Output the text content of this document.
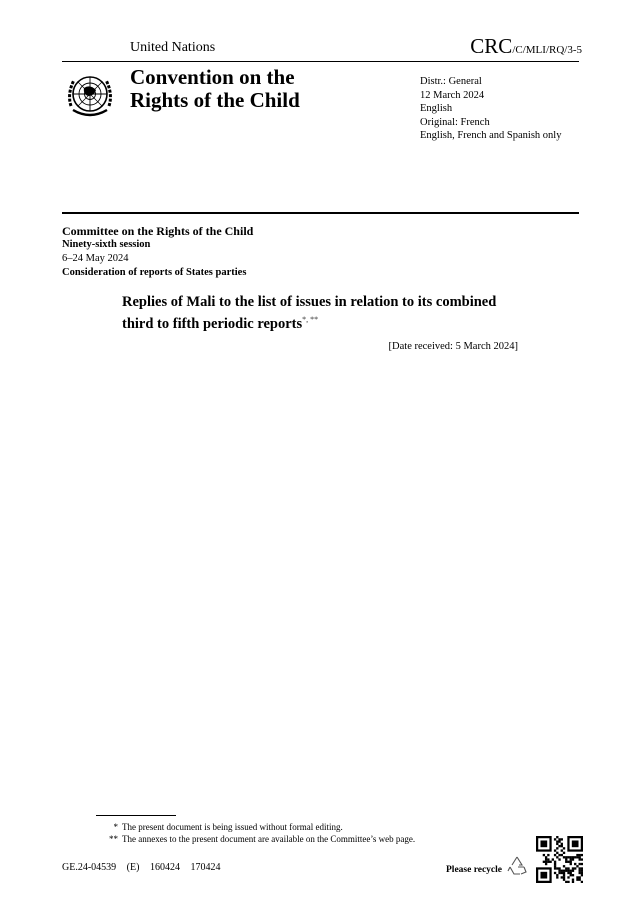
United Nations	CRC/C/MLI/RQ/3-5
Convention on the
Rights of the Child
Distr.: General
12 March 2024
English
Original: French
English, French and Spanish only
Committee on the Rights of the Child
Ninety-sixth session
6–24 May 2024
Consideration of reports of States parties
Replies of Mali to the list of issues in relation to its combined
third to fifth periodic reports*, **
[Date received: 5 March 2024]
* The present document is being issued without formal editing.
** The annexes to the present document are available on the Committee’s web page.
GE.24-04539 (E) 160424 170424	Please recycle
